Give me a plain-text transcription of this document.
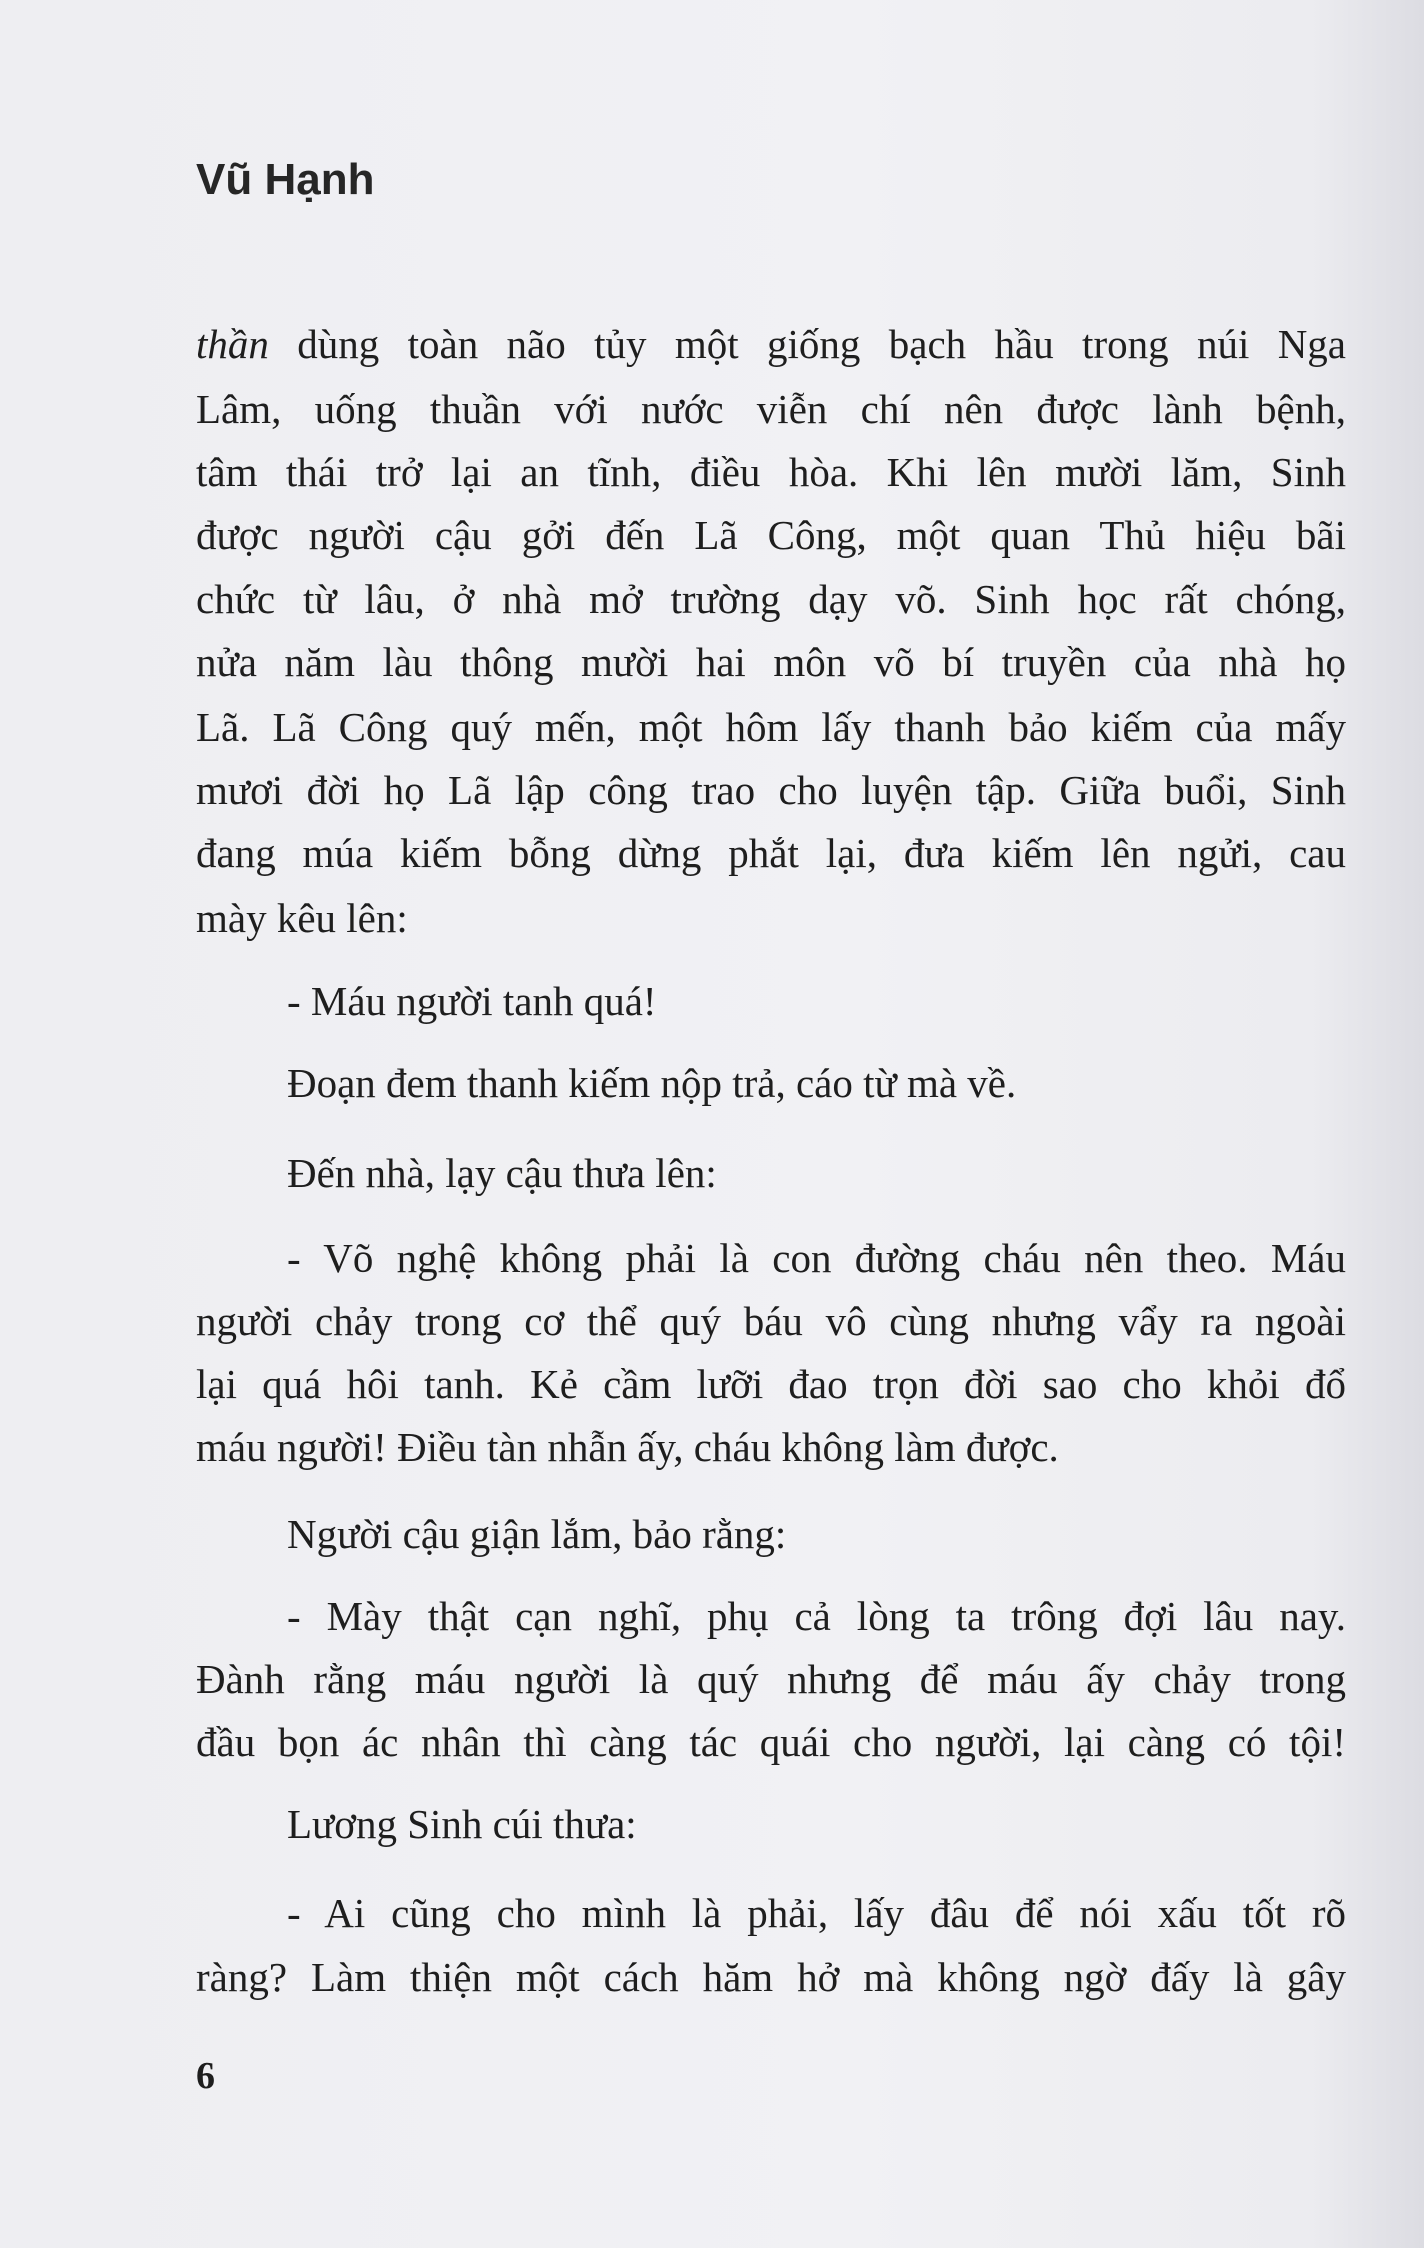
Vũ Hạnh
thần dùng toàn não tủy một giống bạch hầu trong núi Nga
Lâm, uống thuần với nước viễn chí nên được lành bệnh,
tâm thái trở lại an tĩnh, điều hòa. Khi lên mười lăm, Sinh
được người cậu gởi đến Lã Công, một quan Thủ hiệu bãi
chức từ lâu, ở nhà mở trường dạy võ. Sinh học rất chóng,
nửa năm làu thông mười hai môn võ bí truyền của nhà họ
Lã. Lã Công quý mến, một hôm lấy thanh bảo kiếm của mấy
mươi đời họ Lã lập công trao cho luyện tập. Giữa buổi, Sinh
đang múa kiếm bỗng dừng phắt lại, đưa kiếm lên ngửi, cau
mày kêu lên:
- Máu người tanh quá!
Đoạn đem thanh kiếm nộp trả, cáo từ mà về.
Đến nhà, lạy cậu thưa lên:
- Võ nghệ không phải là con đường cháu nên theo. Máu
người chảy trong cơ thể quý báu vô cùng nhưng vẩy ra ngoài
lại quá hôi tanh. Kẻ cầm lưỡi đao trọn đời sao cho khỏi đổ
máu người! Điều tàn nhẫn ấy, cháu không làm được.
Người cậu giận lắm, bảo rằng:
- Mày thật cạn nghĩ, phụ cả lòng ta trông đợi lâu nay.
Đành rằng máu người là quý nhưng để máu ấy chảy trong
đầu bọn ác nhân thì càng tác quái cho người, lại càng có tội!
Lương Sinh cúi thưa:
- Ai cũng cho mình là phải, lấy đâu để nói xấu tốt rõ
ràng? Làm thiện một cách hăm hở mà không ngờ đấy là gây
6
